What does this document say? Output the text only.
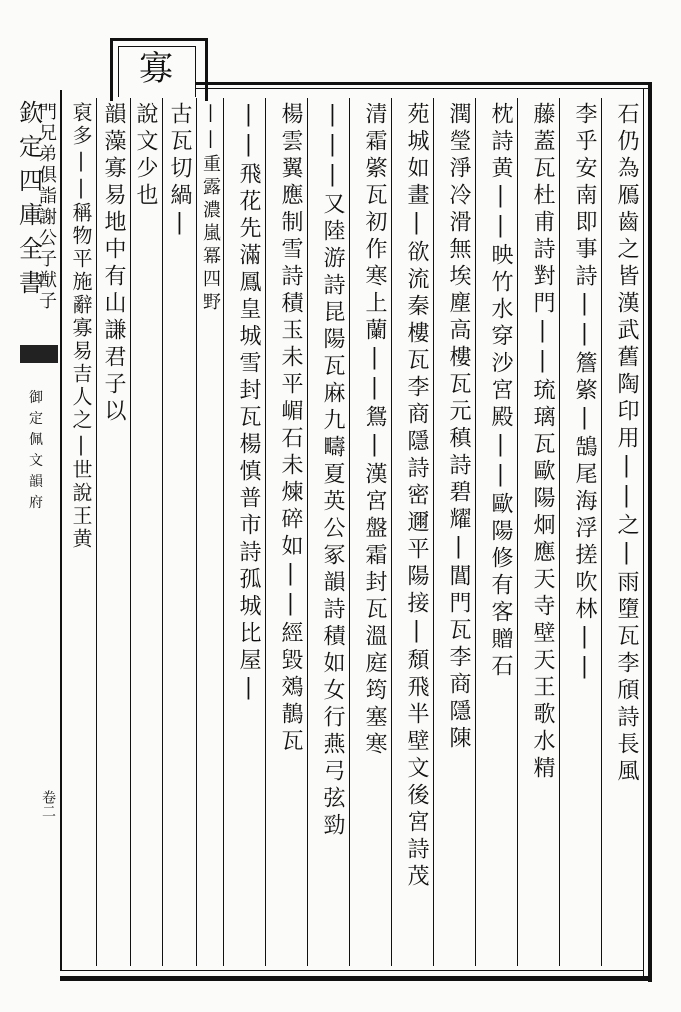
寡
欽定四庫全書
御定佩文韻府
卷二
石仍為鴈齒之皆漢武舊陶印用||之|雨墮瓦李頎詩長風
李乎安南即事詩||簷綮|鵠尾海浮搓吹林||
藤蓋瓦杜甫詩對門||琉璃瓦歐陽炯應天寺壁天王歌水精
枕詩黄||映竹水穿沙宮殿||歐陽修有客贈石
潤瑩淨冷滑無埃塵高樓瓦元稹詩碧耀|閶門瓦李商隱陳
苑城如畫|欲流秦樓瓦李商隱詩密邇平陽接|頹飛半壁文後宮詩茂
清霜綮瓦初作寒上蘭||鴛|漢宮盤霜封瓦溫庭筠塞寒
|||又陸游詩昆陽瓦麻九疇夏英公冢韻詩積如女行燕弓弦勁
楊雲翼應制雪詩積玉未平嵋石未煉碎如||經毀鵁鶄瓦
||飛花先滿鳳皇城雪封瓦楊慎普市詩孤城比屋|
||重露濃嵐冪四野
古瓦切緺|
說文少也
韻藻寡易地中有山謙君子以
裒多||稱物平施辭寡易吉人之|世說王黄
門兄弟俱詣謝公子猷子
